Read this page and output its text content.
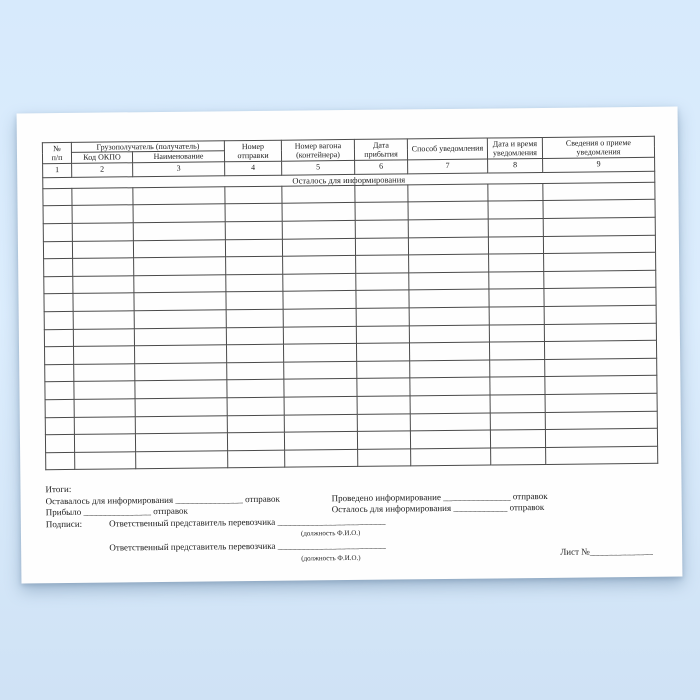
№
п/п	Грузополучатель (получатель)		Номер отправки	Номер вагона (контейнера)	Дата прибытия	Способ уведомления	Дата и время уведомления	Сведения о приеме уведомления
	Код ОКПО	Наименование						
1	2	3	4	5	6	7	8	9
Осталось для информирования								

Итоги:
Оставалось для информирования _______________ отправок	Проведено информирование _______________ отправок
Прибыло _______________ отправок	Осталось для информирования ____________ отправок
Подписи:	Ответственный представитель перевозчика ________________________
(должность Ф.И.О.)
Ответственный представитель перевозчика ________________________
(должность Ф.И.О.)
Лист №______________
